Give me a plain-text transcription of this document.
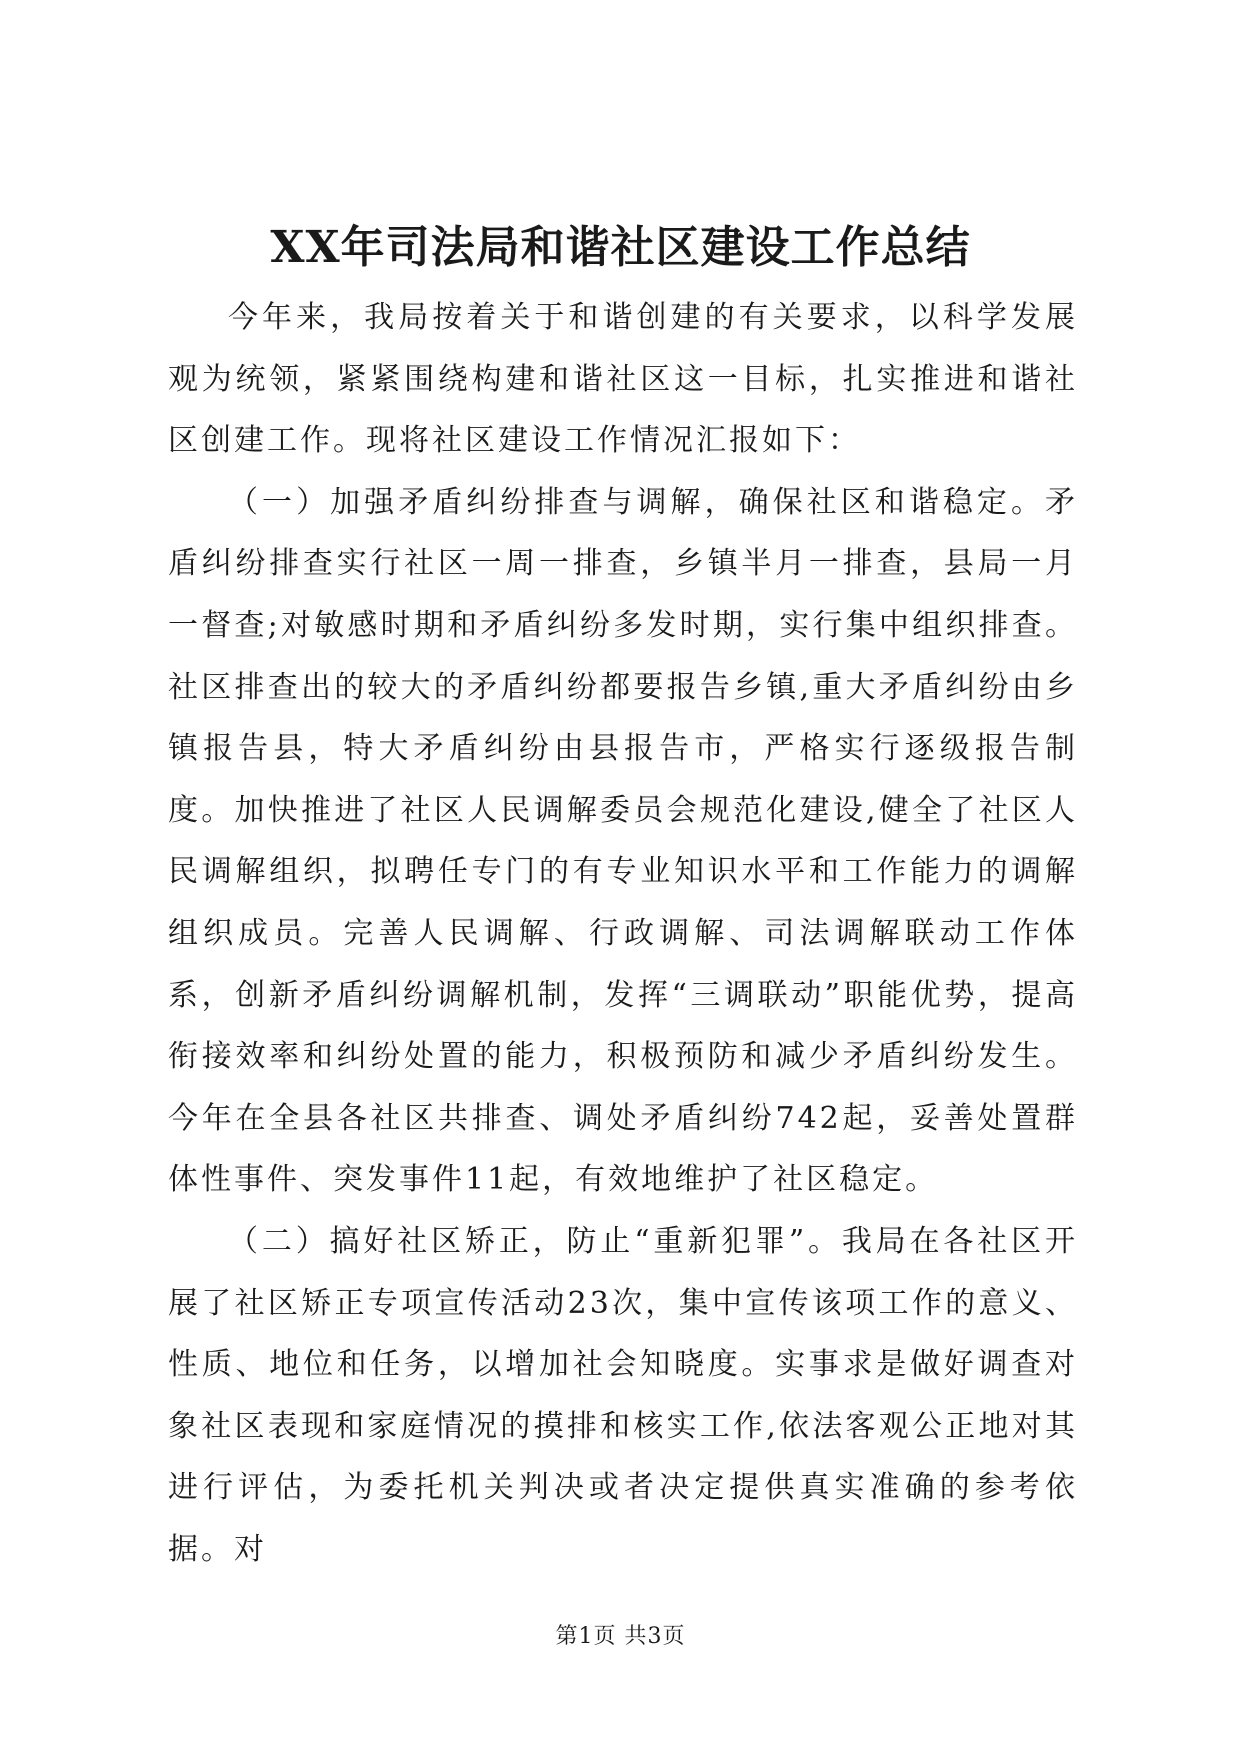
XX年司法局和谐社区建设工作总结

今年来，我局按着关于和谐创建的有关要求，以科学发展观为统领，紧紧围绕构建和谐社区这一目标，扎实推进和谐社区创建工作。现将社区建设工作情况汇报如下：

（一）加强矛盾纠纷排查与调解，确保社区和谐稳定。矛盾纠纷排查实行社区一周一排查，乡镇半月一排查，县局一月一督查;对敏感时期和矛盾纠纷多发时期，实行集中组织排查。社区排查出的较大的矛盾纠纷都要报告乡镇,重大矛盾纠纷由乡镇报告县，特大矛盾纠纷由县报告市，严格实行逐级报告制度。加快推进了社区人民调解委员会规范化建设,健全了社区人民调解组织，拟聘任专门的有专业知识水平和工作能力的调解组织成员。完善人民调解、行政调解、司法调解联动工作体系，创新矛盾纠纷调解机制，发挥“三调联动”职能优势，提高衔接效率和纠纷处置的能力，积极预防和减少矛盾纠纷发生。今年在全县各社区共排查、调处矛盾纠纷742起，妥善处置群体性事件、突发事件11起，有效地维护了社区稳定。

（二）搞好社区矫正，防止“重新犯罪”。我局在各社区开展了社区矫正专项宣传活动23次，集中宣传该项工作的意义、性质、地位和任务，以增加社会知晓度。实事求是做好调查对象社区表现和家庭情况的摸排和核实工作,依法客观公正地对其进行评估，为委托机关判决或者决定提供真实准确的参考依据。对

第1页 共3页
